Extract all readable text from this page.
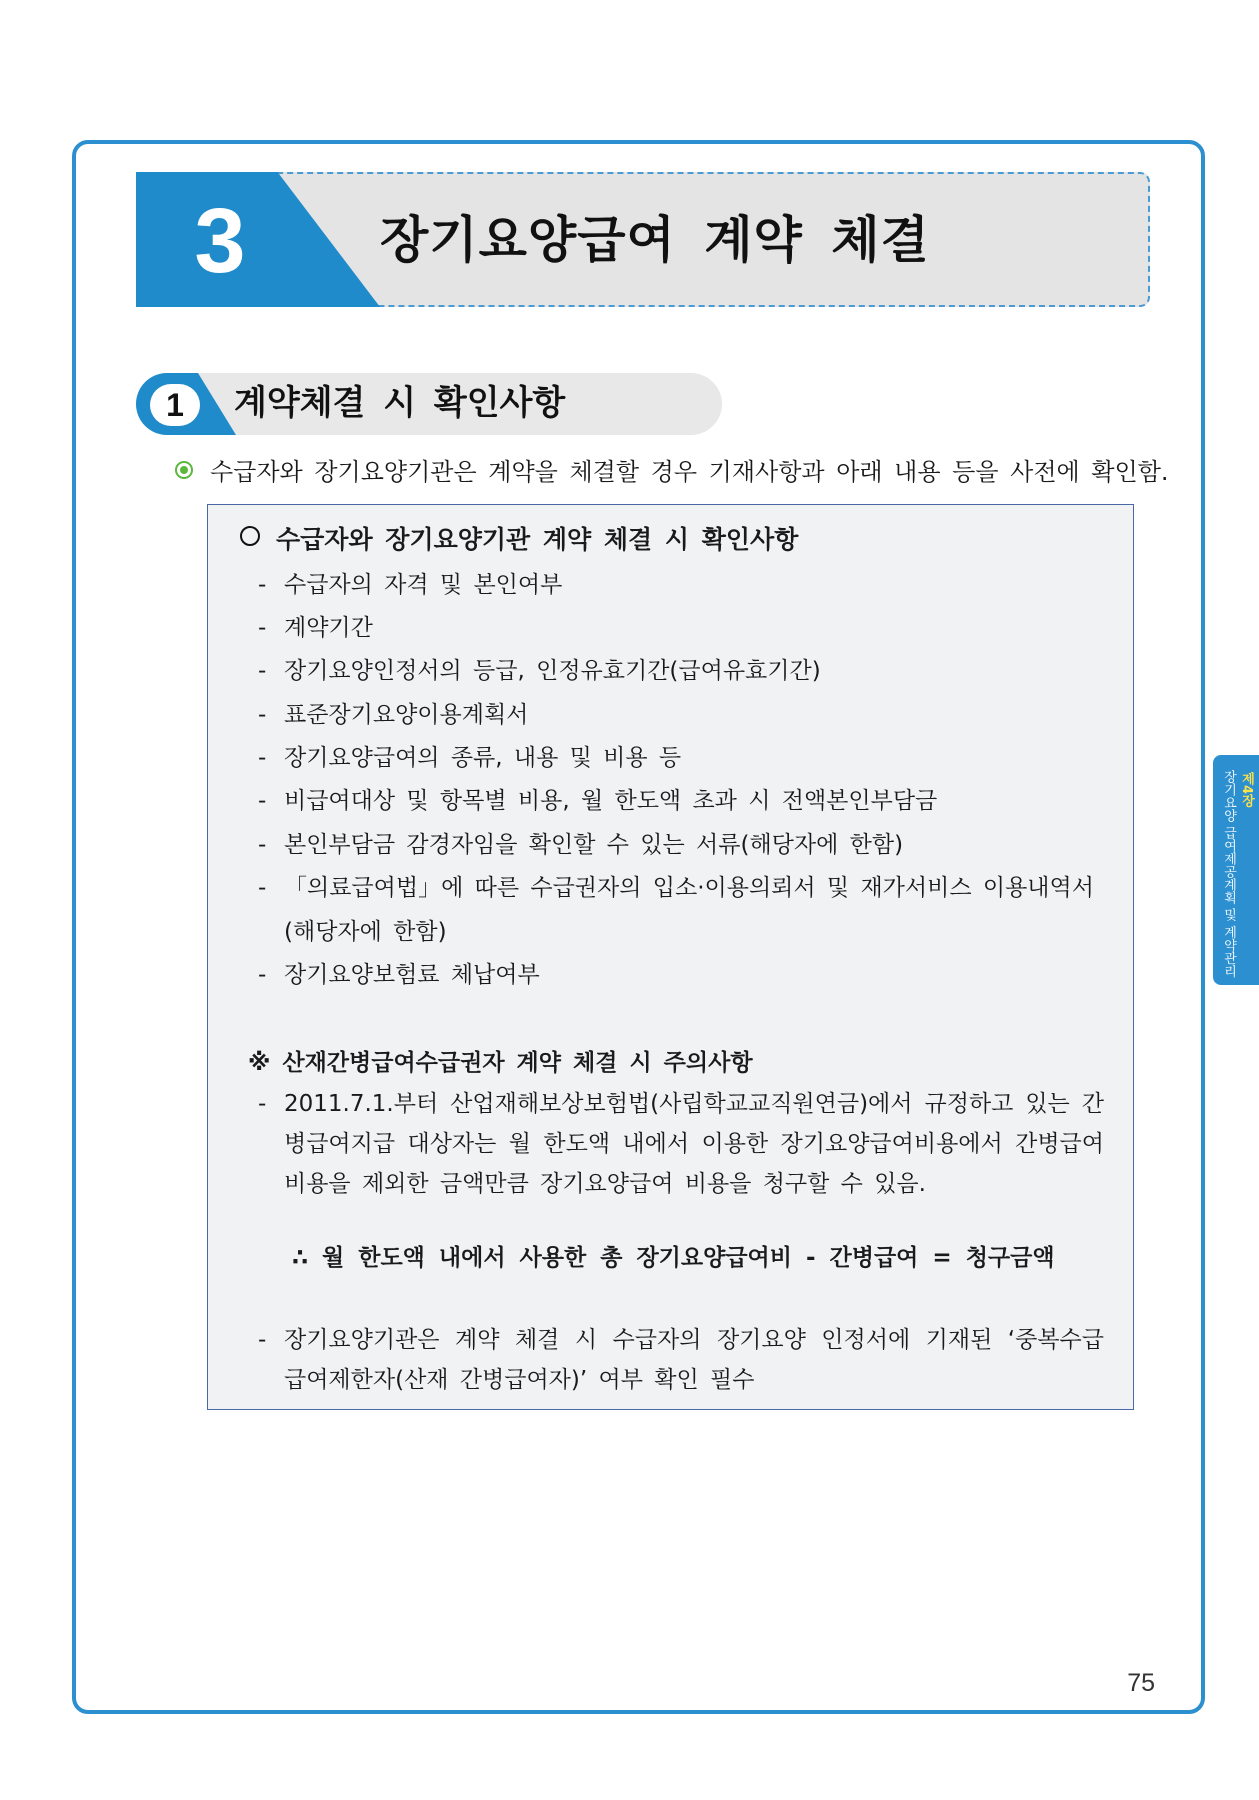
3	장기요양급여 계약 체결
1	계약체결 시 확인사항
수급자와 장기요양기관은 계약을 체결할 경우 기재사항과 아래 내용 등을 사전에 확인함.
수급자와 장기요양기관 계약 체결 시 확인사항
- 수급자의 자격 및 본인여부
- 계약기간
- 장기요양인정서의 등급, 인정유효기간(급여유효기간)
- 표준장기요양이용계획서
- 장기요양급여의 종류, 내용 및 비용 등
- 비급여대상 및 항목별 비용, 월 한도액 초과 시 전액본인부담금
- 본인부담금 감경자임을 확인할 수 있는 서류(해당자에 한함)
- 「의료급여법」에 따른 수급권자의 입소·이용의뢰서 및 재가서비스 이용내역서
(해당자에 한함)
- 장기요양보험료 체납여부
※ 산재간병급여수급권자 계약 체결 시 주의사항
- 2011.7.1.부터 산업재해보상보험법(사립학교교직원연금)에서 규정하고 있는 간병급여지급 대상자는 월 한도액 내에서 이용한 장기요양급여비용에서 간병급여비용을 제외한 금액만큼 장기요양급여 비용을 청구할 수 있음.
∴ 월 한도액 내에서 사용한 총 장기요양급여비 - 간병급여 = 청구금액
- 장기요양기관은 계약 체결 시 수급자의 장기요양 인정서에 기재된 ‘중복수급 급여제한자(산재 간병급여자)’ 여부 확인 필수
제4장
장기요양 급여제공계획 및 계약관리
75
